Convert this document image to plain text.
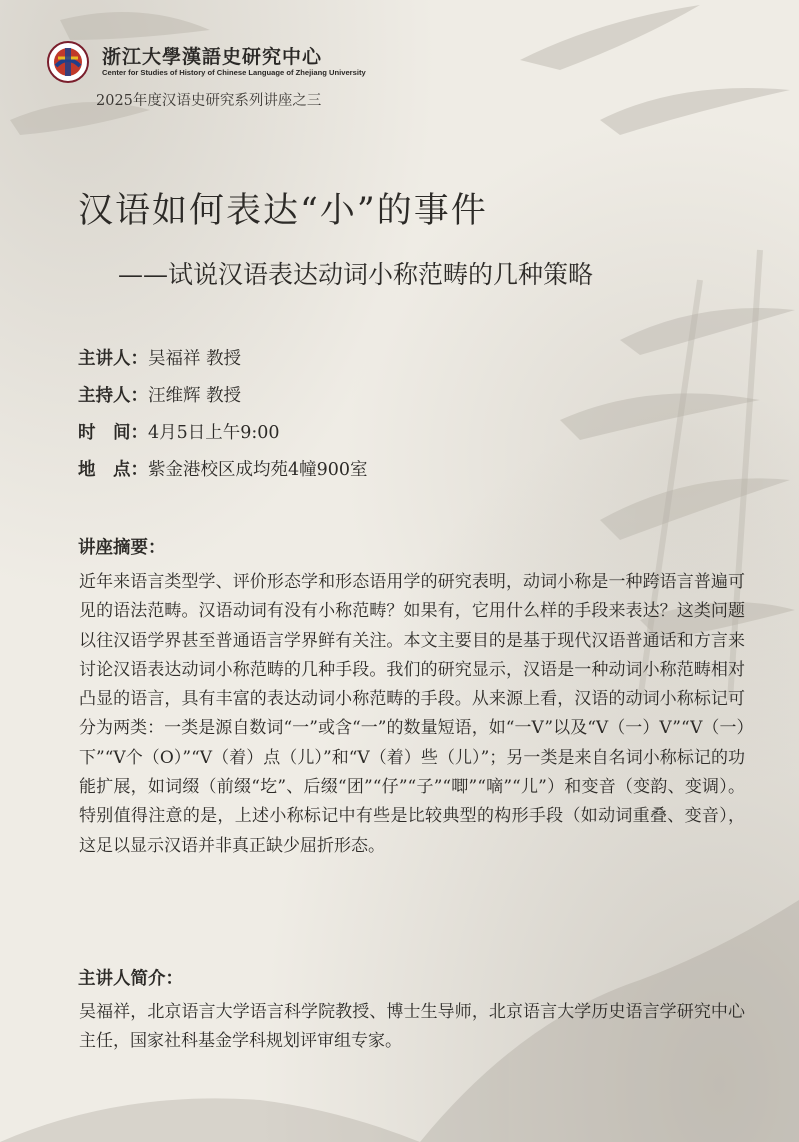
浙江大學漢語史研究中心
Center for Studies of History of Chinese Language of Zhejiang University
2025年度汉语史研究系列讲座之三
汉语如何表达“小”的事件
——试说汉语表达动词小称范畴的几种策略
主讲人：吴福祥 教授
主持人：汪维辉 教授
时　间：4月5日上午9:00
地　点：紫金港校区成均苑4幢900室
讲座摘要：
近年来语言类型学、评价形态学和形态语用学的研究表明，动词小称是一种跨语言普遍可见的语法范畴。汉语动词有没有小称范畴？如果有，它用什么样的手段来表达？这类问题以往汉语学界甚至普通语言学界鲜有关注。本文主要目的是基于现代汉语普通话和方言来讨论汉语表达动词小称范畴的几种手段。我们的研究显示，汉语是一种动词小称范畴相对凸显的语言，具有丰富的表达动词小称范畴的手段。从来源上看，汉语的动词小称标记可分为两类：一类是源自数词“一”或含“一”的数量短语，如“一V”以及“V（一）V”“V（一）下”“V个（O）”“V（着）点（儿）”和“V（着）些（儿）”；另一类是来自名词小称标记的功能扩展，如词缀（前缀“圪”、后缀“团”“仔”“子”“唧”“嘀”“儿”）和变音（变韵、变调）。特别值得注意的是，上述小称标记中有些是比较典型的构形手段（如动词重叠、变音），这足以显示汉语并非真正缺少屈折形态。
主讲人简介：
吴福祥，北京语言大学语言科学院教授、博士生导师，北京语言大学历史语言学研究中心主任，国家社科基金学科规划评审组专家。
